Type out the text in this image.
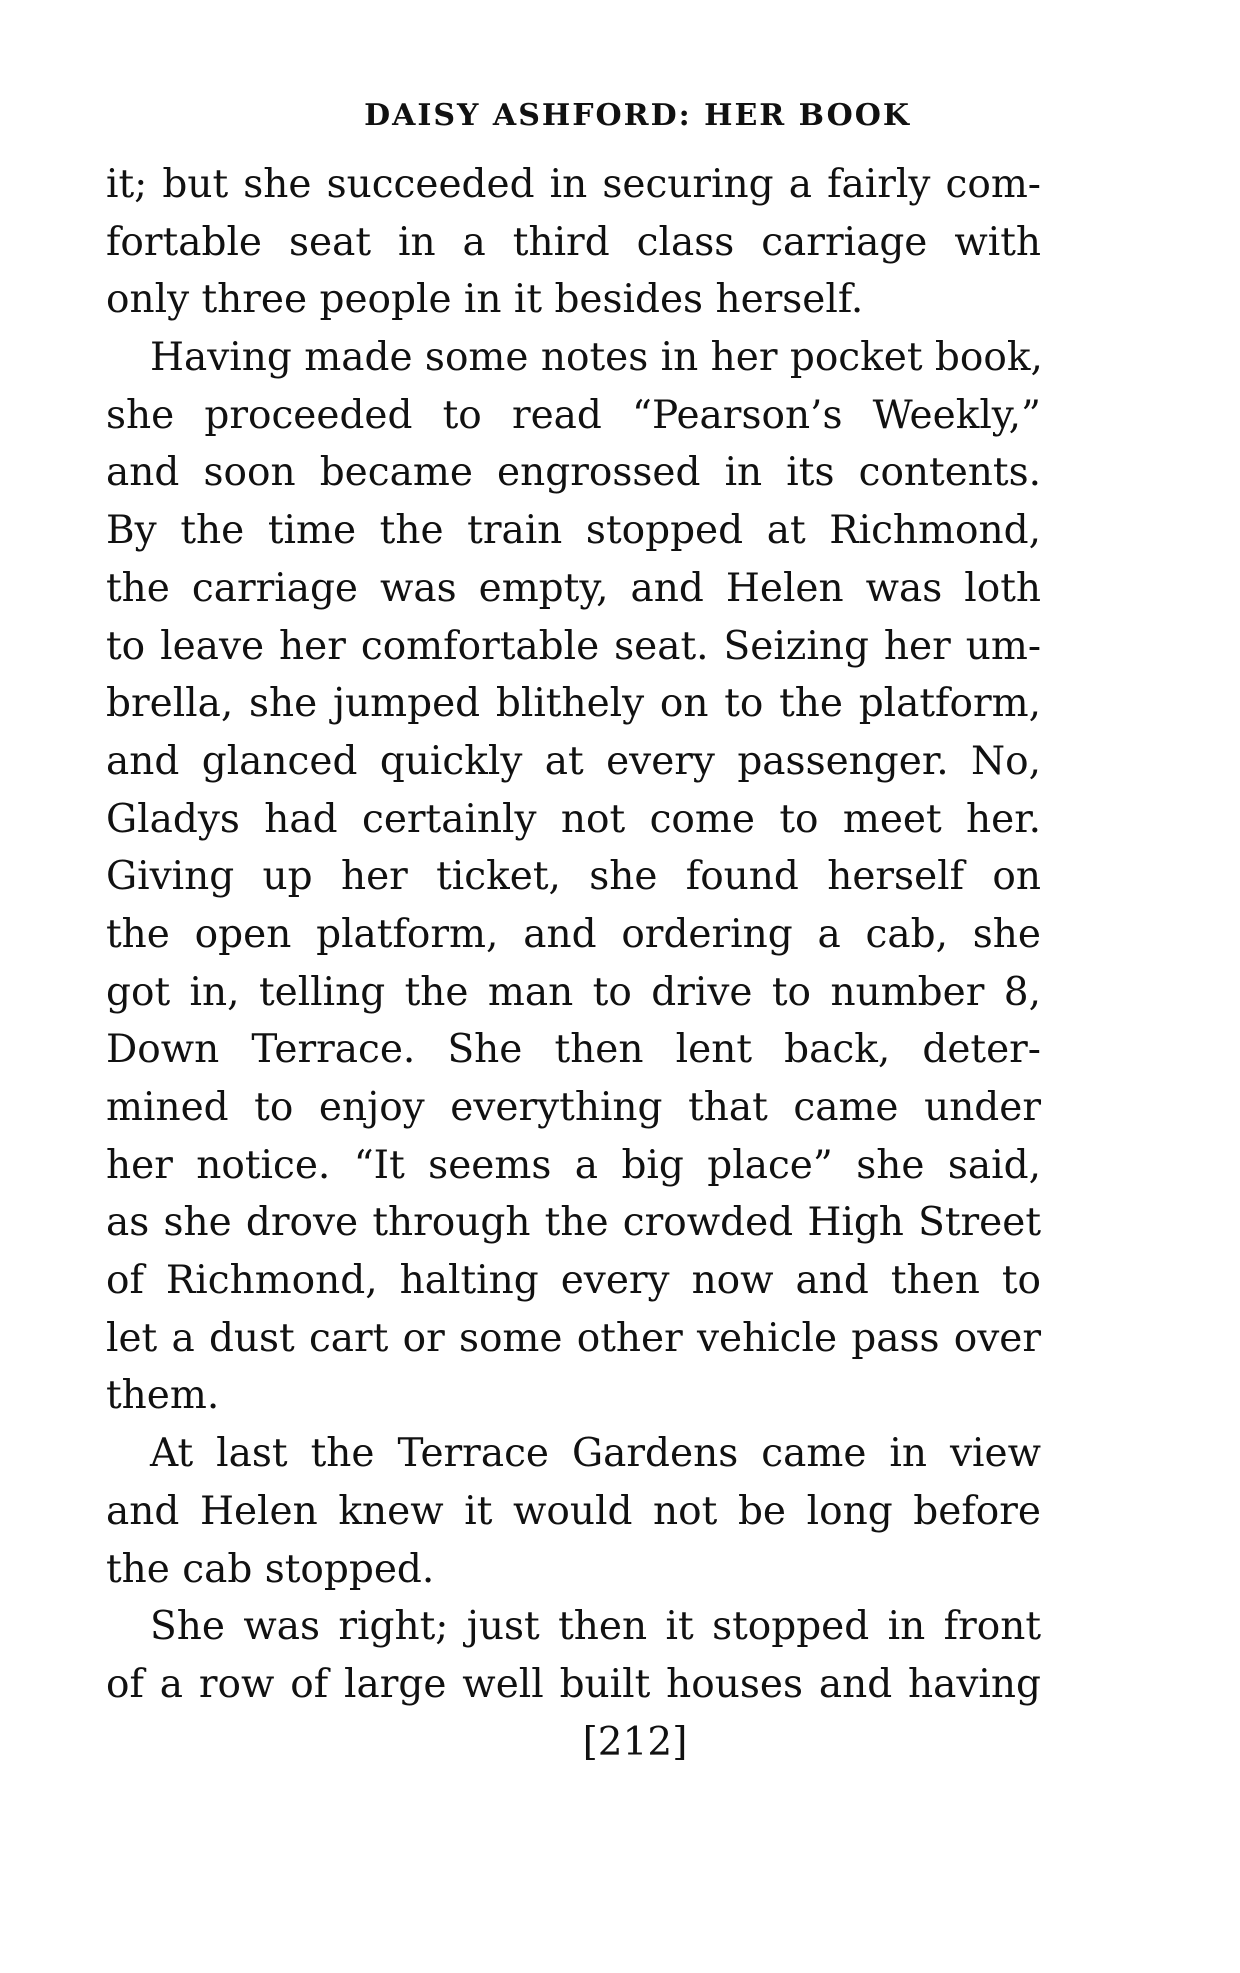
DAISY ASHFORD: HER BOOK
it; but she succeeded in securing a fairly com-
fortable seat in a third class carriage with
only three people in it besides herself.
Having made some notes in her pocket book,
she proceeded to read “Pearson’s Weekly,”
and soon became engrossed in its contents.
By the time the train stopped at Richmond,
the carriage was empty, and Helen was loth
to leave her comfortable seat. Seizing her um-
brella, she jumped blithely on to the platform,
and glanced quickly at every passenger. No,
Gladys had certainly not come to meet her.
Giving up her ticket, she found herself on
the open platform, and ordering a cab, she
got in, telling the man to drive to number 8,
Down Terrace. She then lent back, deter-
mined to enjoy everything that came under
her notice. “It seems a big place” she said,
as she drove through the crowded High Street
of Richmond, halting every now and then to
let a dust cart or some other vehicle pass over
them.
At last the Terrace Gardens came in view
and Helen knew it would not be long before
the cab stopped.
She was right; just then it stopped in front
of a row of large well built houses and having
[212]
